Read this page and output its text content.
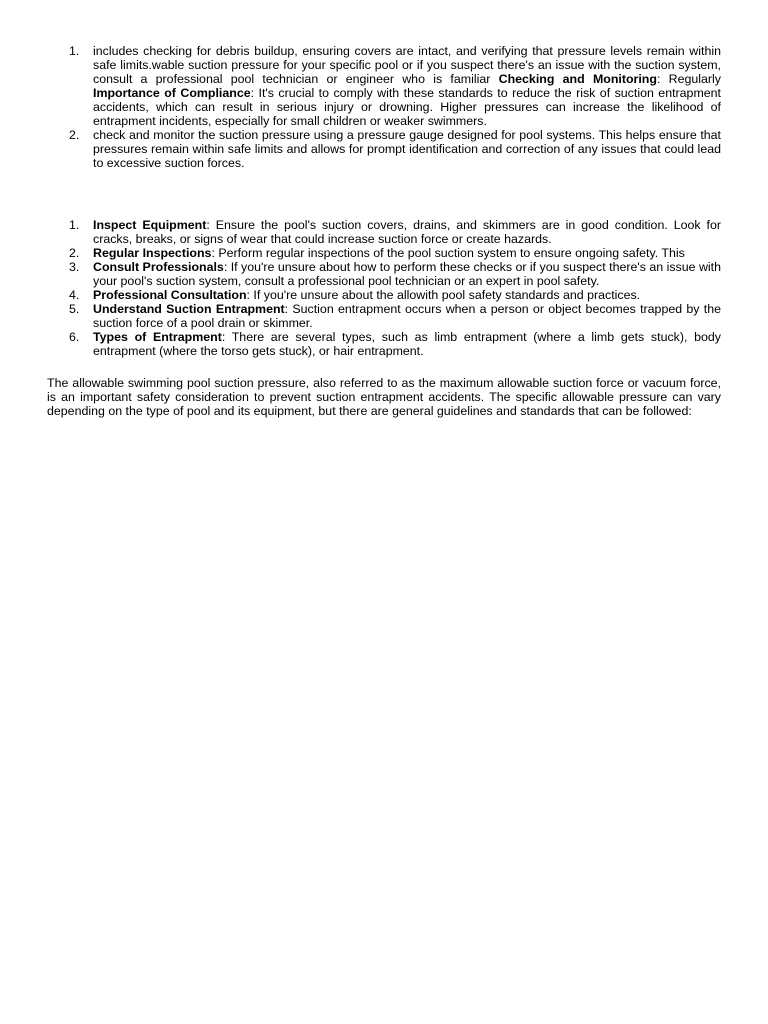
1.	includes checking for debris buildup, ensuring covers are intact, and verifying that pressure levels remain within safe limits.wable suction pressure for your specific pool or if you suspect there's an issue with the suction system, consult a professional pool technician or engineer who is familiar Checking and Monitoring: Regularly Importance of Compliance: It's crucial to comply with these standards to reduce the risk of suction entrapment accidents, which can result in serious injury or drowning. Higher pressures can increase the likelihood of entrapment incidents, especially for small children or weaker swimmers.
2.	check and monitor the suction pressure using a pressure gauge designed for pool systems. This helps ensure that pressures remain within safe limits and allows for prompt identification and correction of any issues that could lead to excessive suction forces.
1.	Inspect Equipment: Ensure the pool's suction covers, drains, and skimmers are in good condition. Look for cracks, breaks, or signs of wear that could increase suction force or create hazards.
2.	Regular Inspections: Perform regular inspections of the pool suction system to ensure ongoing safety. This
3.	Consult Professionals: If you're unsure about how to perform these checks or if you suspect there's an issue with your pool's suction system, consult a professional pool technician or an expert in pool safety.
4.	Professional Consultation: If you're unsure about the allowith pool safety standards and practices.
5.	Understand Suction Entrapment: Suction entrapment occurs when a person or object becomes trapped by the suction force of a pool drain or skimmer.
6.	Types of Entrapment: There are several types, such as limb entrapment (where a limb gets stuck), body entrapment (where the torso gets stuck), or hair entrapment.

The allowable swimming pool suction pressure, also referred to as the maximum allowable suction force or vacuum force, is an important safety consideration to prevent suction entrapment accidents. The specific allowable pressure can vary depending on the type of pool and its equipment, but there are general guidelines and standards that can be followed:
